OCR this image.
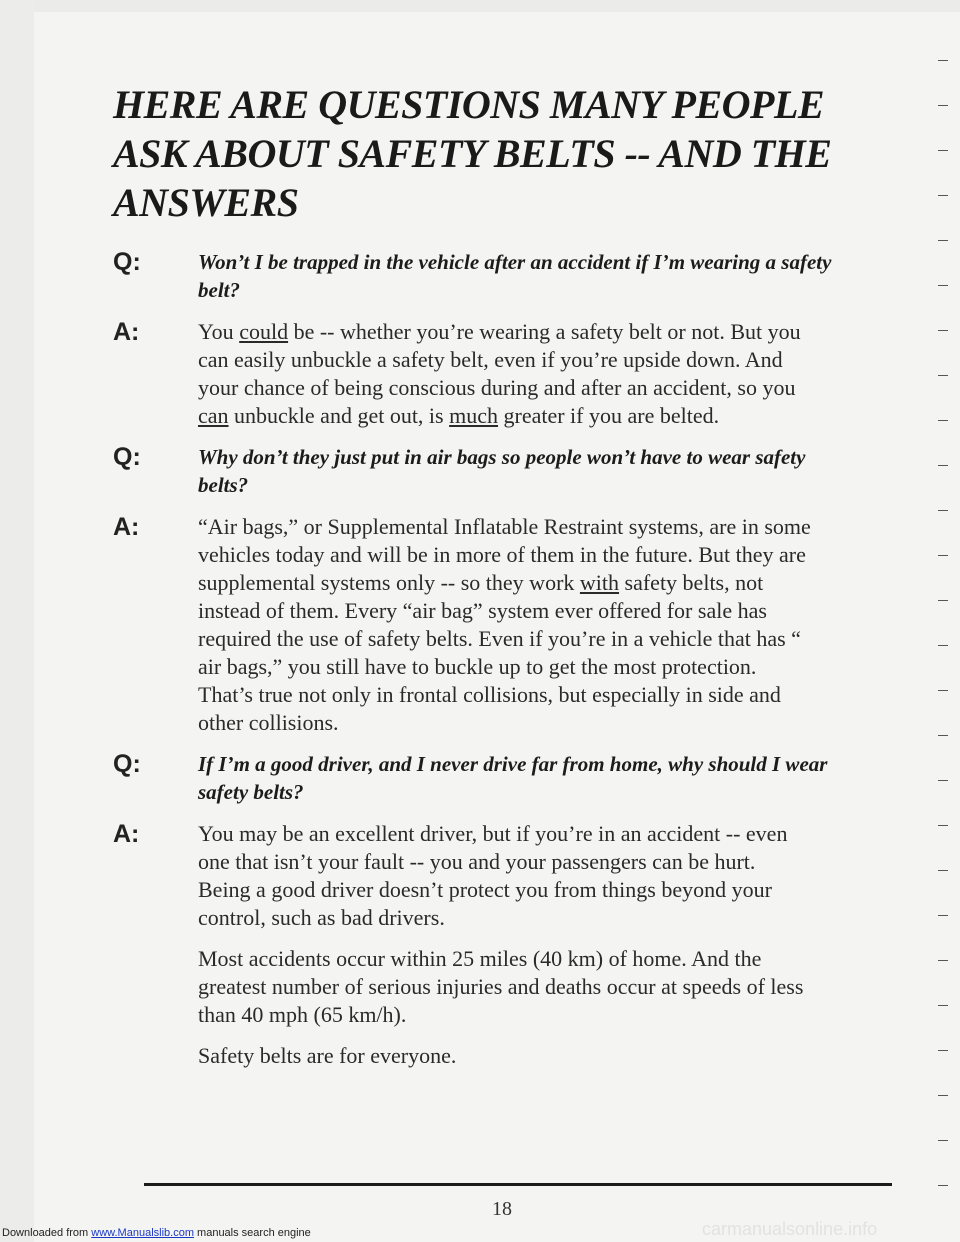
HERE ARE QUESTIONS MANY PEOPLE
ASK ABOUT SAFETY BELTS -- AND THE
ANSWERS
Q:	Won’t I be trapped in the vehicle after an accident if I’m wearing a safety
belt?
A:	You could be -- whether you’re wearing a safety belt or not. But you
can easily unbuckle a safety belt, even if you’re upside down. And
your chance of being conscious during and after an accident, so you
can unbuckle and get out, is much greater if you are belted.
Q:	Why don’t they just put in air bags so people won’t have to wear safety
belts?
A:	“Air bags,” or Supplemental Inflatable Restraint systems, are in some
vehicles today and will be in more of them in the future. But they are
supplemental systems only -- so they work with safety belts, not
instead of them. Every “air bag” system ever offered for sale has
required the use of safety belts. Even if you’re in a vehicle that has “
air bags,” you still have to buckle up to get the most protection.
That’s true not only in frontal collisions, but especially in side and
other collisions.
Q:	If I’m a good driver, and I never drive far from home, why should I wear
safety belts?
A:	You may be an excellent driver, but if you’re in an accident -- even
one that isn’t your fault -- you and your passengers can be hurt.
Being a good driver doesn’t protect you from things beyond your
control, such as bad drivers.
Most accidents occur within 25 miles (40 km) of home. And the
greatest number of serious injuries and deaths occur at speeds of less
than 40 mph (65 km/h).
Safety belts are for everyone.
18
Downloaded from www.Manualslib.com manuals search engine	carmanualsonline.info
